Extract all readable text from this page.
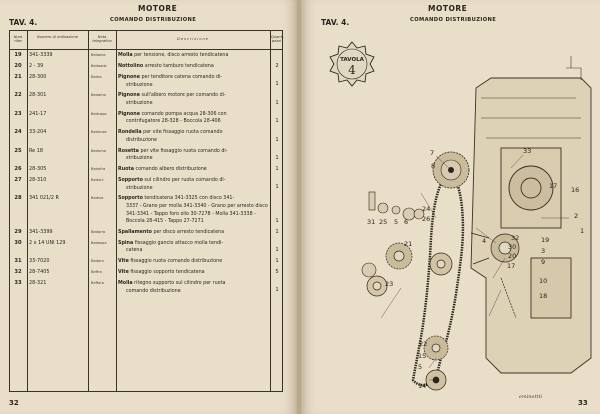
MOTORE
TAV. 4.	COMANDO DISTRIBUZIONE
Num. rifer.
Numero di ordinazione	Nota telegrafica
Descrizione	Quanti- pezzi
19	341-3339	Bedonia	Molla per tensione, disco arresto tendicatena
20	2 - 39	Bedoadz	Nottolino arresto tamburo tendicatena	2
21	28-300	Bedra	Pignone per tenditore catena comando di-
stribuzione	1
22	28-301	Bedamo	Pignone sull'albero motore per comando di-
stribuzione	1
23	241-17	Bedcapo	Pignone comando pompa acqua 28-306 con
contrifugatore 28-328 - Boccola 28-406	1
24	33-204	Bedunze	Rondella per vite fissaggio ruota comando
distribuzione	1
25	Re 18	Bedumo	Rosetta per vite fissaggio ruota comando di-
stribuzione	1
26	28-305	Bedufra	Ruota comando albero distribuzione	1
27	28-310	Beduni	Sopporto sul cilindro per ruota comando di-
stribuzione	1
28	341 021/2 R	Bedroz	Sopporto tendicatena 341-3325 con disco 341-
3337 - Grano per molla 341-3340 - Grano per arresto disco 341-3341 - Tappo foro olio 30-7278 - Molla 341-3338 - Boccola 28-415 - Tappo 27-7271	1
29	341-3399	Bedarro	Spallamento per disco arresto tendicatena	1
30	2 x 14 UNI 129	Bedaspa	Spina fissaggio gancio attacco molla tendi-
catena	1
31	33-7020	Bedero	Vite fissaggio ruota comando distribuzione	1
32	28-7405	Beffra	Vite fissaggio sopporto tendicatena	5
33	28-321	Beffaro	Molla ritegno supporto sul cilindro per ruota
comando distribuzione	1
32
MOTORE
TAV. 4.	COMANDO DISTRIBUZIONE
7	33
8
17 16
2
1
24
26
6
5
25
31
21
32
30
20
17
4	19
3
9
23	10
18
22
15
5
14
eminettti
TAVOLA
4
33
